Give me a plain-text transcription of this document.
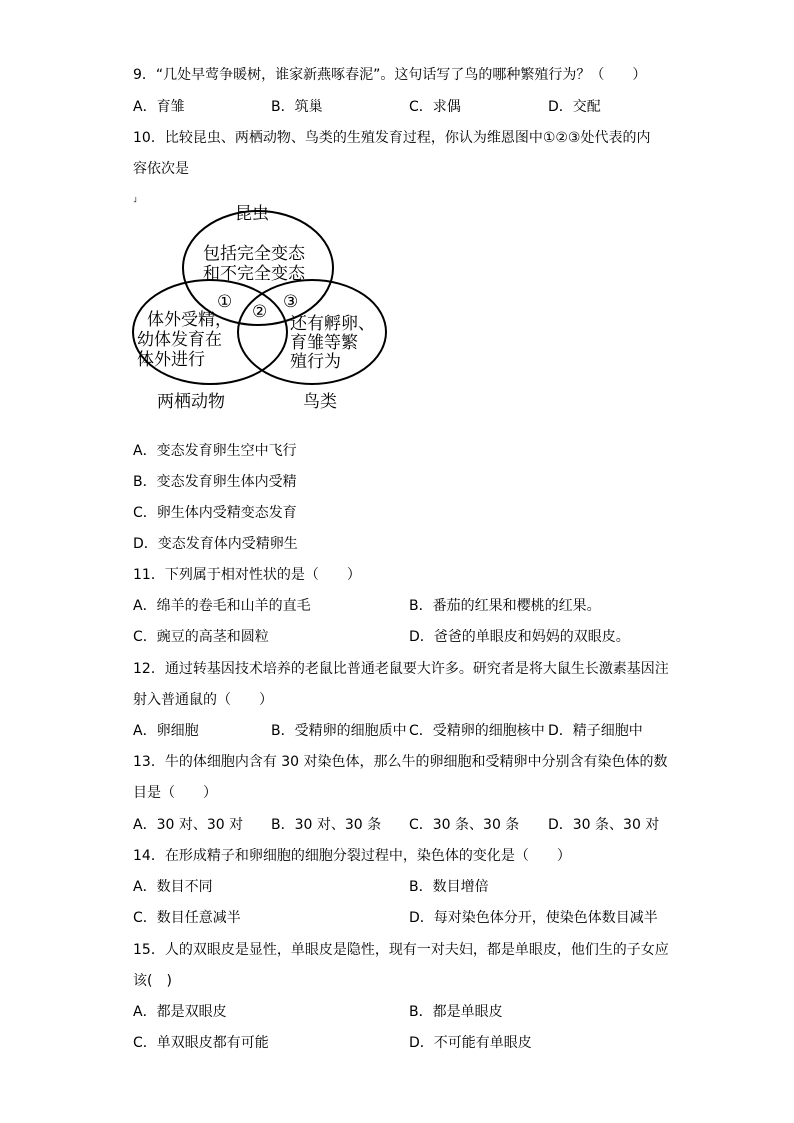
9．“几处早莺争暖树，谁家新燕啄春泥”。这句话写了鸟的哪种繁殖行为？（　　）
A．育雏	B．筑巢	C．求偶	D．交配
10．比较昆虫、两栖动物、鸟类的生殖发育过程，你认为维恩图中①②③处代表的内
容依次是
˩
昆虫
包括完全变态
和不完全变态
体外受精，
幼体发育在
体外进行
还有孵卵、
育雏等繁
殖行为
① ② ③
两栖动物	鸟类
A．变态发育卵生空中飞行
B．变态发育卵生体内受精
C．卵生体内受精变态发育
D．变态发育体内受精卵生
11．下列属于相对性状的是（　　）
A．绵羊的卷毛和山羊的直毛	B．番茄的红果和樱桃的红果。
C．豌豆的高茎和圆粒	D．爸爸的单眼皮和妈妈的双眼皮。
12．通过转基因技术培养的老鼠比普通老鼠要大许多。研究者是将大鼠生长激素基因注
射入普通鼠的（　　）
A．卵细胞	B．受精卵的细胞质中 C．受精卵的细胞核中 D．精子细胞中
13．牛的体细胞内含有 30 对染色体，那么牛的卵细胞和受精卵中分别含有染色体的数
目是（　　）
A．30 对、30 对 B．30 对、30 条 C．30 条、30 条 D．30 条、30 对
14．在形成精子和卵细胞的细胞分裂过程中，染色体的变化是（　　）
A．数目不同	B．数目增倍
C．数目任意减半	D．每对染色体分开，使染色体数目减半
15．人的双眼皮是显性，单眼皮是隐性，现有一对夫妇，都是单眼皮，他们生的子女应
该(　)
A．都是双眼皮	B．都是单眼皮
C．单双眼皮都有可能	D．不可能有单眼皮
